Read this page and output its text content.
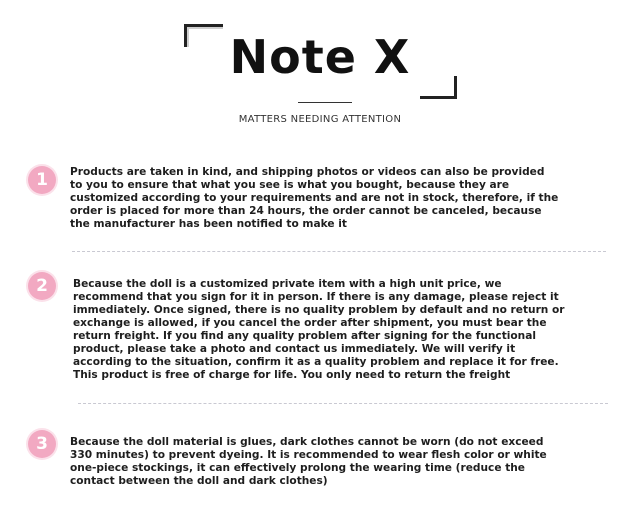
Note X
MATTERS NEEDING ATTENTION
1	Products are taken in kind, and shipping photos or videos can also be provided to you to ensure that what you see is what you bought, because they are customized according to your requirements and are not in stock, therefore, if the order is placed for more than 24 hours, the order cannot be canceled, because the manufacturer has been notified to make it
2	Because the doll is a customized private item with a high unit price, we recommend that you sign for it in person. If there is any damage, please reject it immediately. Once signed, there is no quality problem by default and no return or exchange is allowed, if you cancel the order after shipment, you must bear the return freight. If you find any quality problem after signing for the functional product, please take a photo and contact us immediately. We will verify it according to the situation, confirm it as a quality problem and replace it for free. This product is free of charge for life. You only need to return the freight
3	Because the doll material is glues, dark clothes cannot be worn (do not exceed 330 minutes) to prevent dyeing. It is recommended to wear flesh color or white one-piece stockings, it can effectively prolong the wearing time (reduce the contact between the doll and dark clothes)
